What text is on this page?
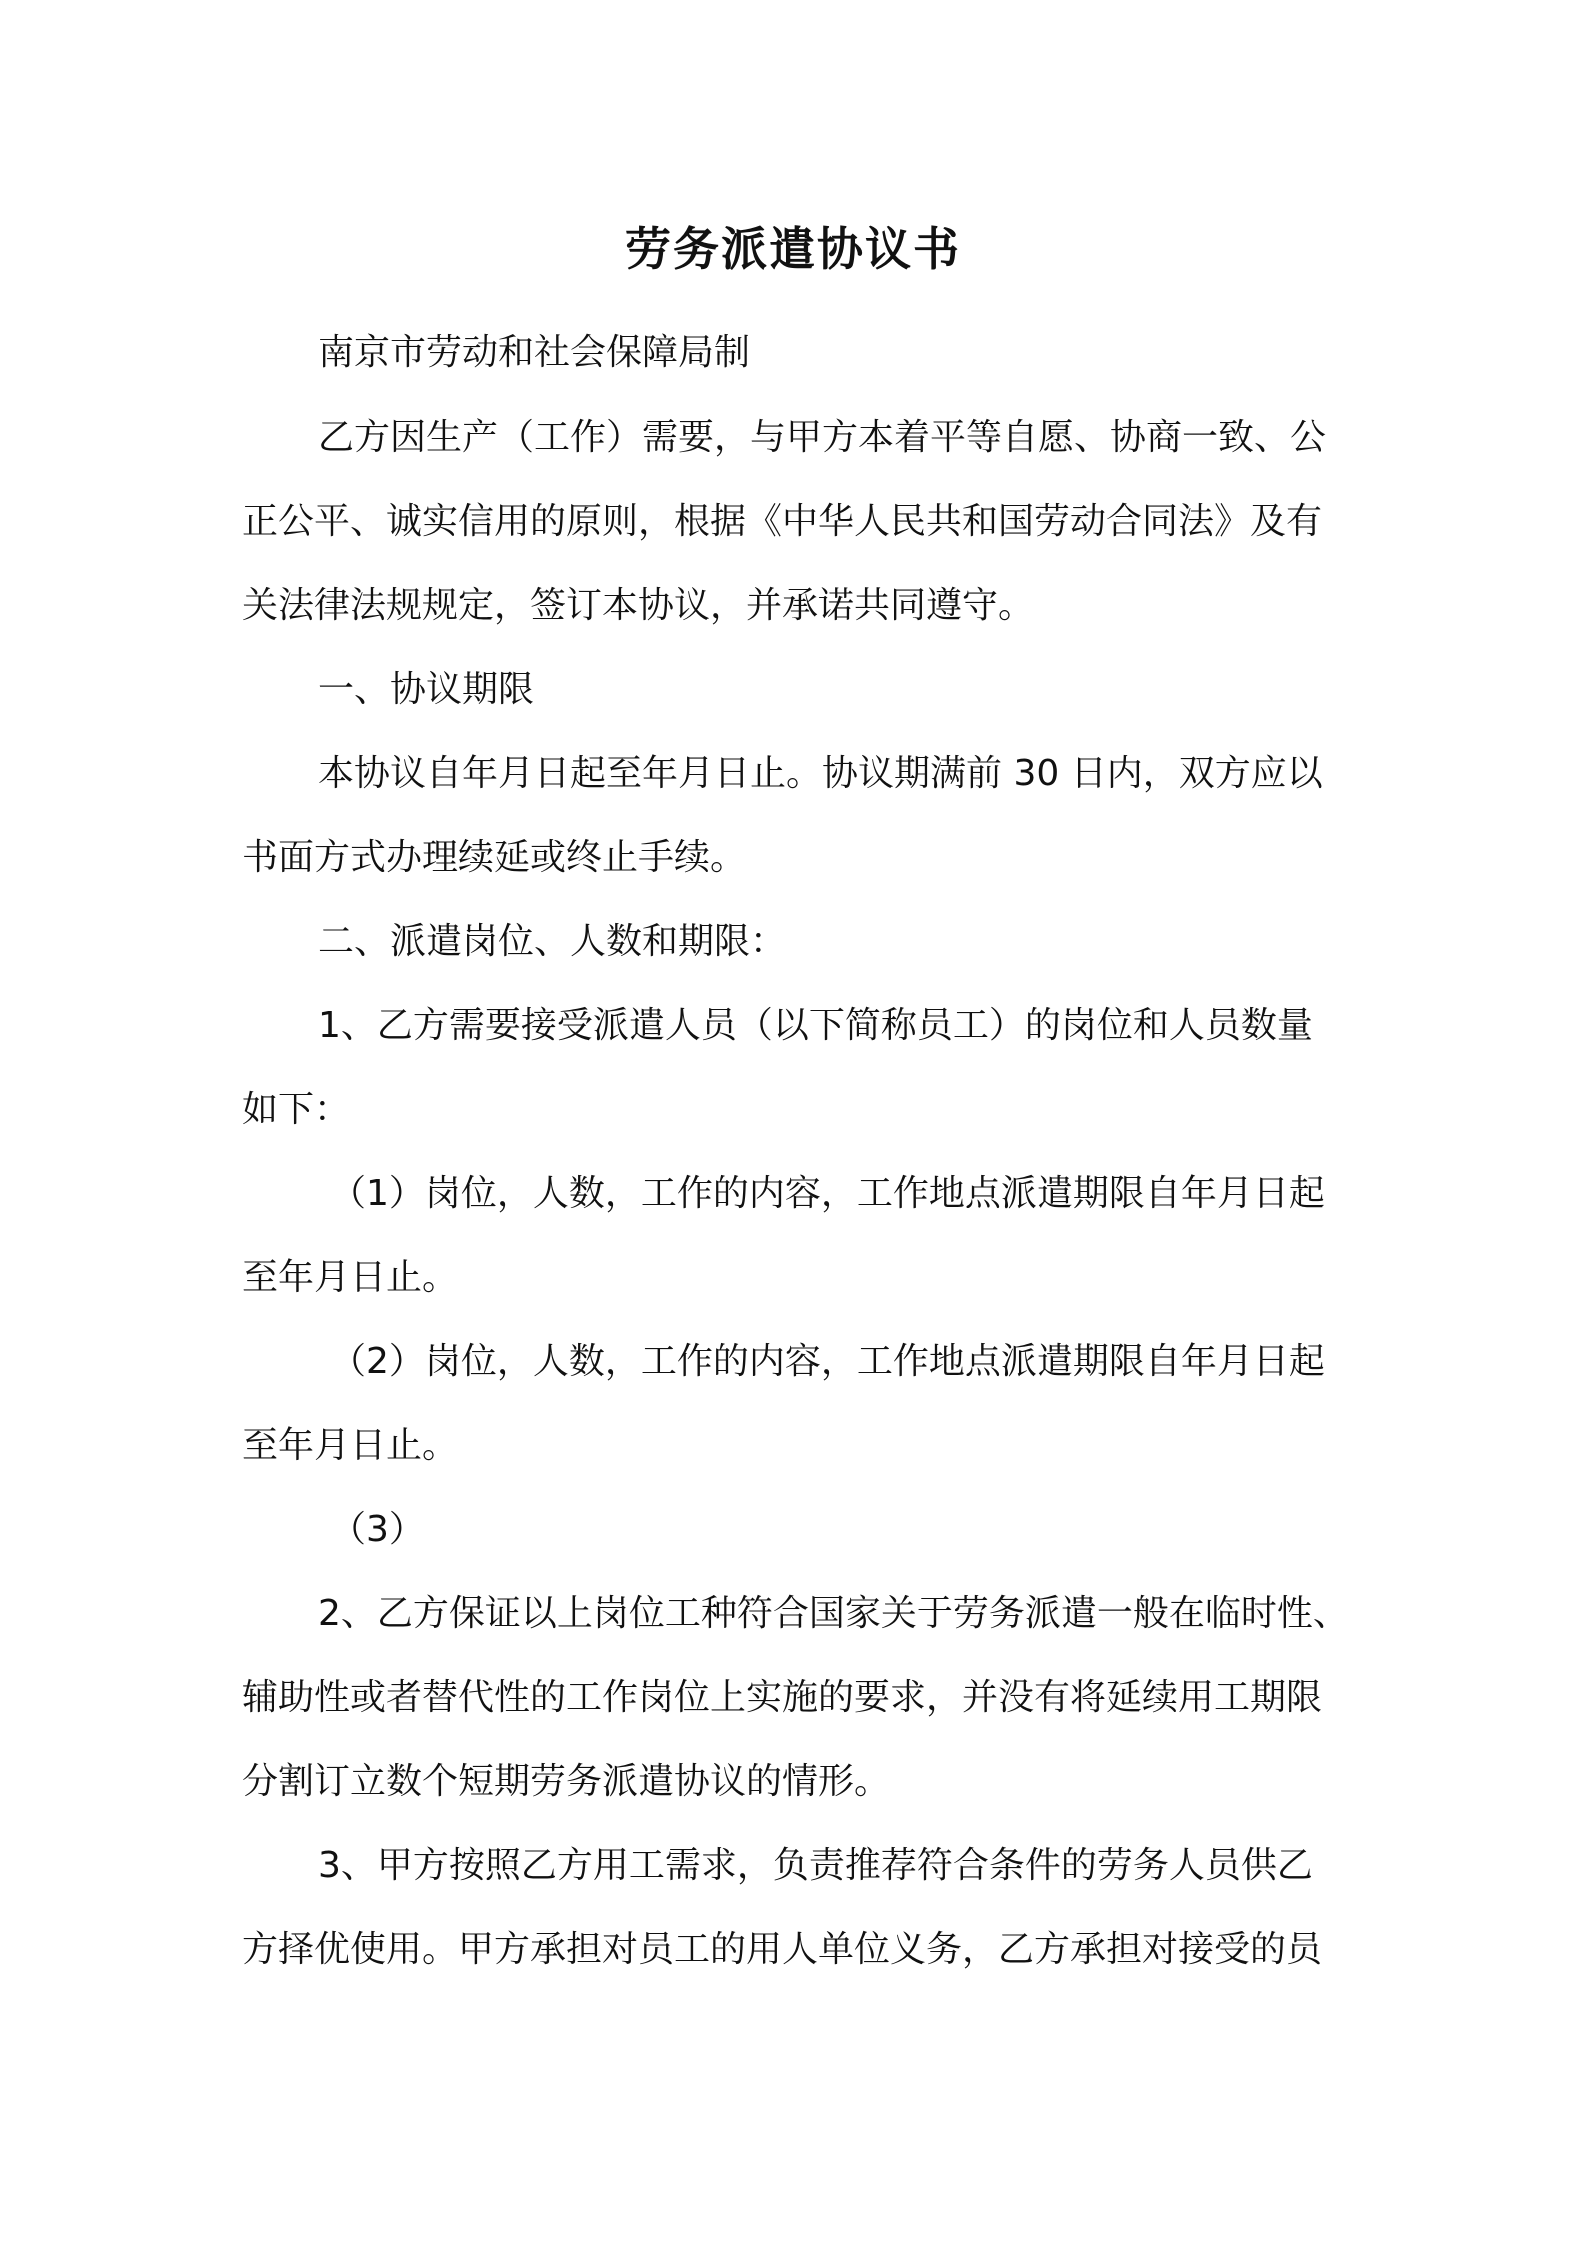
劳务派遣协议书
南京市劳动和社会保障局制
乙方因生产（工作）需要，与甲方本着平等自愿、协商一致、公
正公平、诚实信用的原则，根据《中华人民共和国劳动合同法》及有
关法律法规规定，签订本协议，并承诺共同遵守。
一、协议期限
本协议自年月日起至年月日止。协议期满前 30 日内，双方应以
书面方式办理续延或终止手续。
二、派遣岗位、人数和期限：
1、乙方需要接受派遣人员（以下简称员工）的岗位和人员数量
如下：
（1）岗位，人数，工作的内容，工作地点派遣期限自年月日起
至年月日止。
（2）岗位，人数，工作的内容，工作地点派遣期限自年月日起
至年月日止。
（3）
2、乙方保证以上岗位工种符合国家关于劳务派遣一般在临时性、
辅助性或者替代性的工作岗位上实施的要求，并没有将延续用工期限
分割订立数个短期劳务派遣协议的情形。
3、甲方按照乙方用工需求，负责推荐符合条件的劳务人员供乙
方择优使用。甲方承担对员工的用人单位义务，乙方承担对接受的员
